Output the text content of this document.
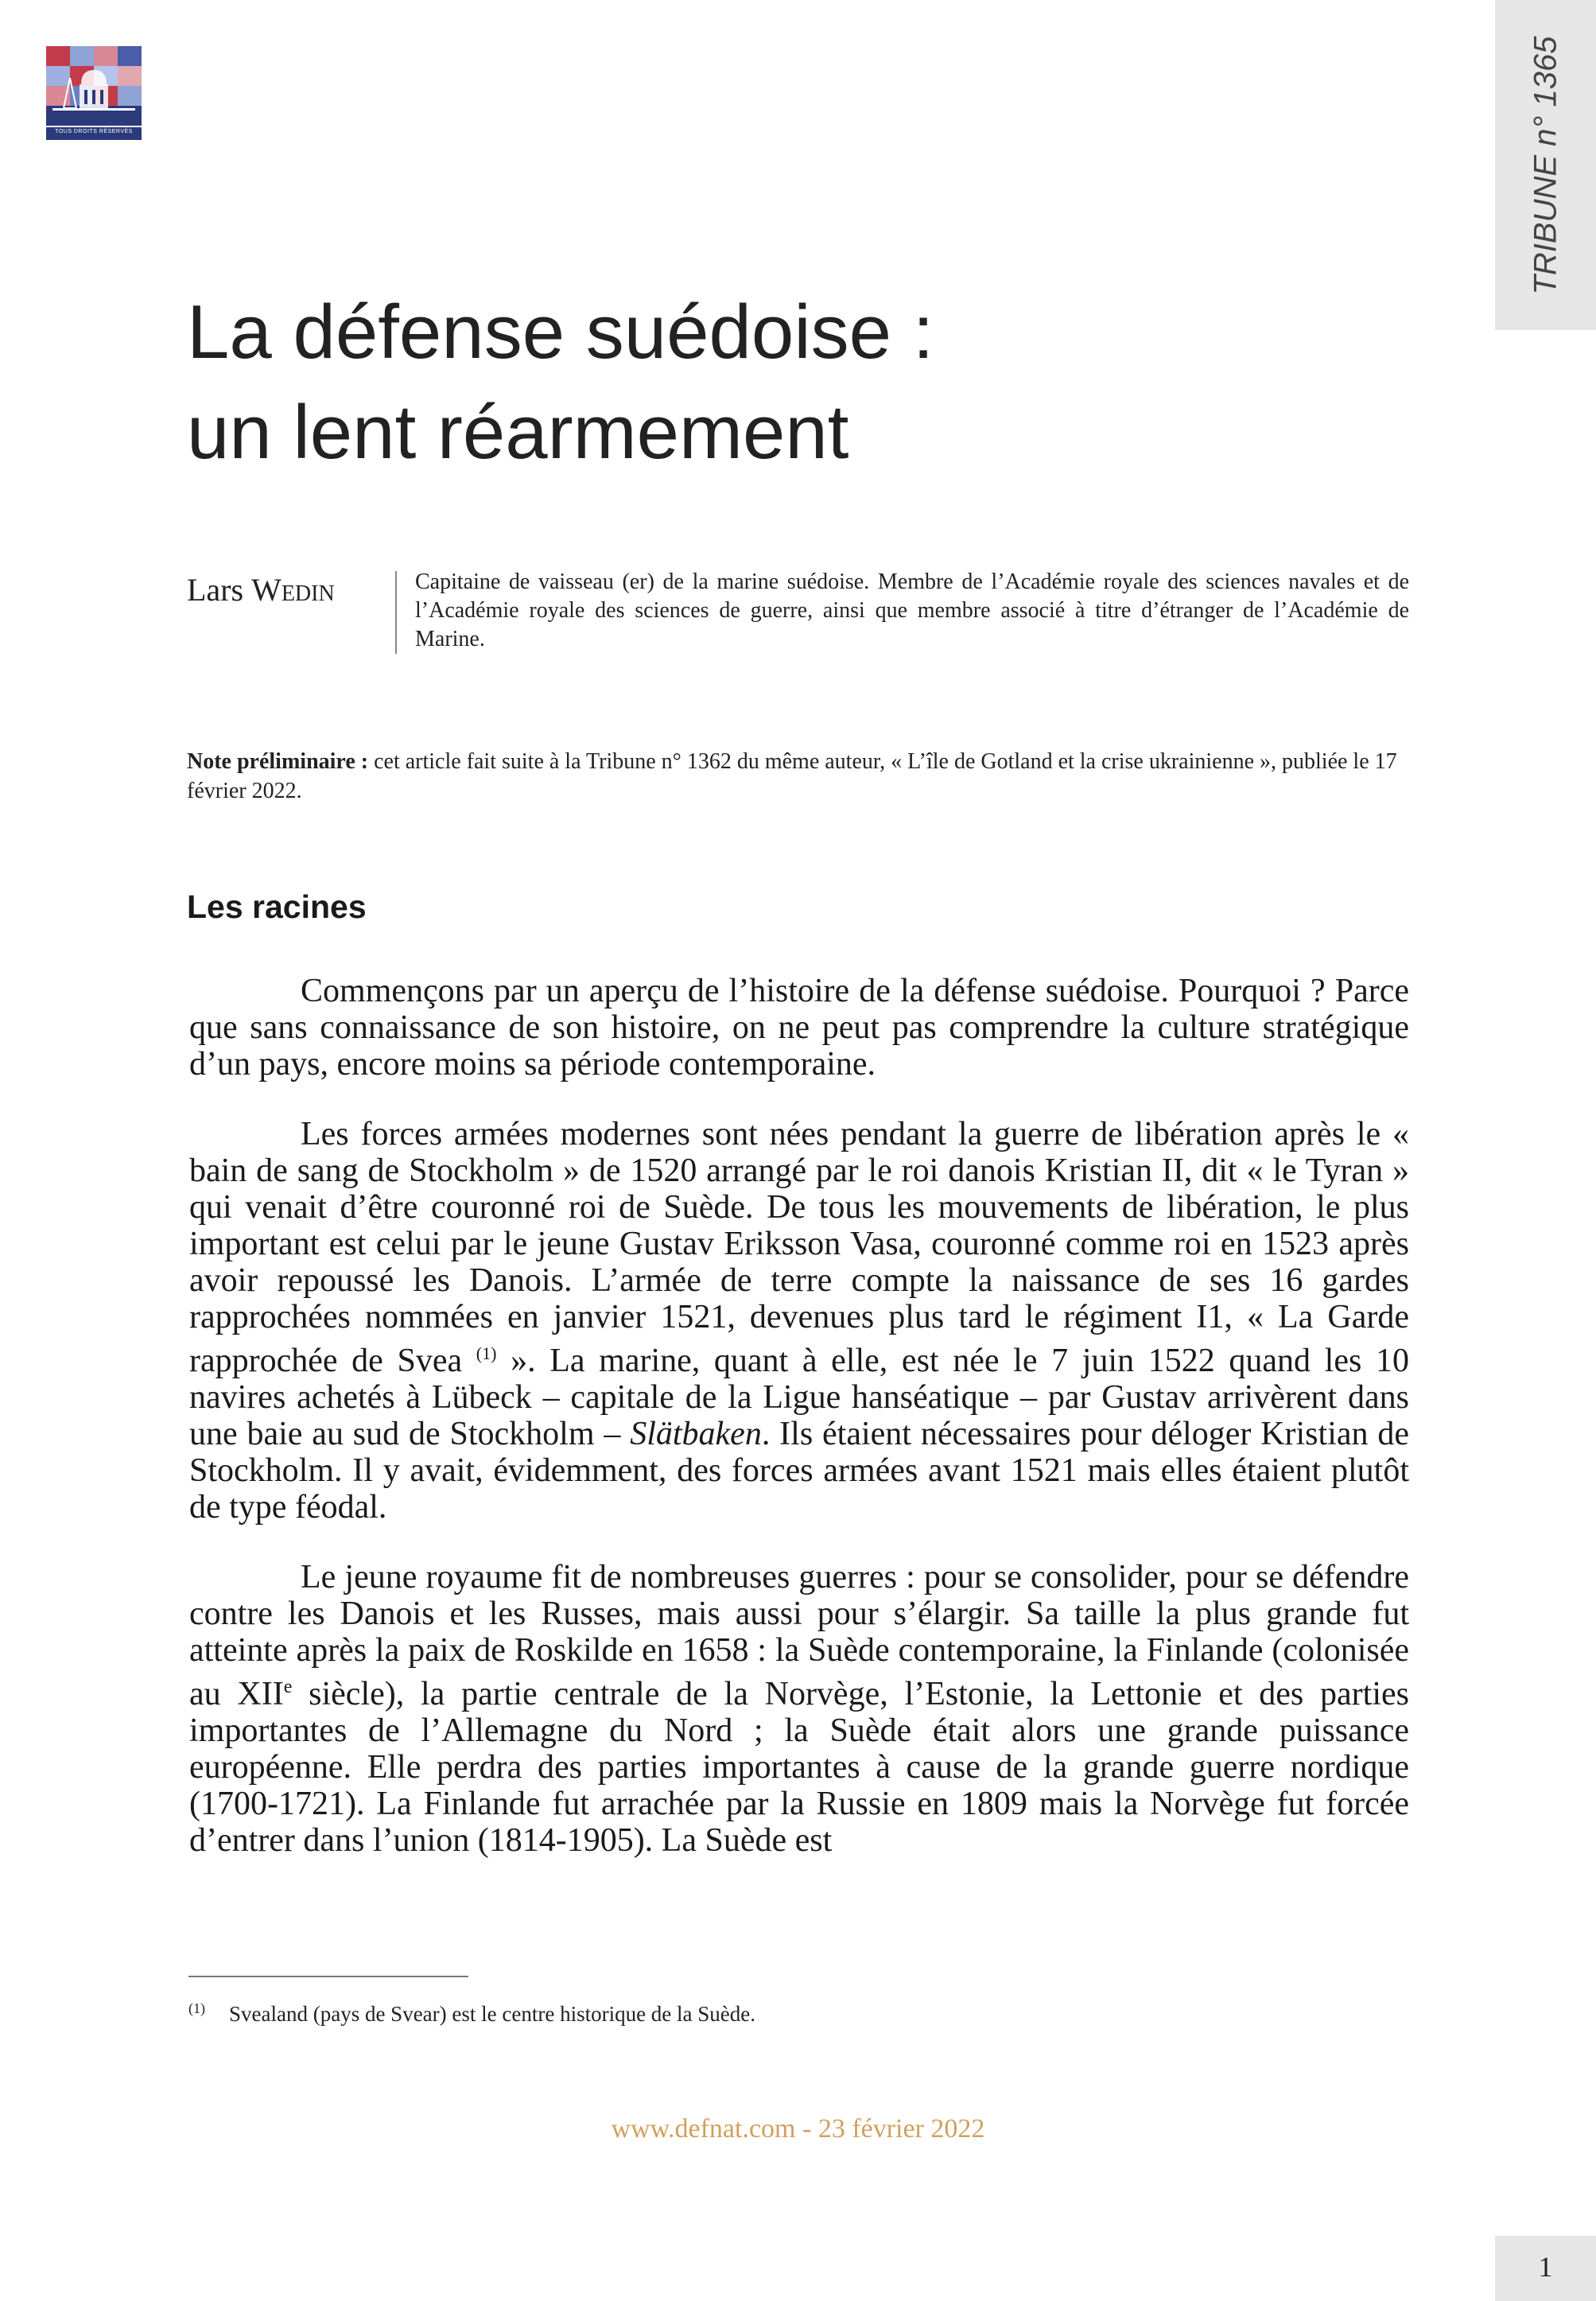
TOUS DROITS RÉSERVÉS	TRIBUNE n° 1365
La défense suédoise :
un lent réarmement
Lars Wedin	Capitaine de vaisseau (er) de la marine suédoise. Membre de l’Académie royale des sciences navales et de l’Académie royale des sciences de guerre, ainsi que membre associé à titre d’étranger de l’Académie de Marine.
Note préliminaire : cet article fait suite à la Tribune n° 1362 du même auteur, « L’île de Gotland et la crise ukrainienne », publiée le 17 février 2022.
Les racines

Commençons par un aperçu de l’histoire de la défense suédoise. Pourquoi ? Parce que sans connaissance de son histoire, on ne peut pas comprendre la culture stratégique d’un pays, encore moins sa période contemporaine.

Les forces armées modernes sont nées pendant la guerre de libération après le « bain de sang de Stockholm » de 1520 arrangé par le roi danois Kristian II, dit « le Tyran » qui venait d’être couronné roi de Suède. De tous les mouvements de libération, le plus important est celui par le jeune Gustav Eriksson Vasa, couronné comme roi en 1523 après avoir repoussé les Danois. L’armée de terre compte la naissance de ses 16 gardes rapprochées nommées en janvier 1521, devenues plus tard le régiment I1, « La Garde rapprochée de Svea $^{(1)}$ ». La marine, quant à elle, est née le 7 juin 1522 quand les 10 navires achetés à Lübeck – capitale de la Ligue hanséatique – par Gustav arrivèrent dans une baie au sud de Stockholm – Slätbaken. Ils étaient nécessaires pour déloger Kristian de Stockholm. Il y avait, évidemment, des forces armées avant 1521 mais elles étaient plutôt de type féodal.

Le jeune royaume fit de nombreuses guerres : pour se consolider, pour se défendre contre les Danois et les Russes, mais aussi pour s’élargir. Sa taille la plus grande fut atteinte après la paix de Roskilde en 1658 : la Suède contemporaine, la Finlande (colonisée au XIIe siècle), la partie centrale de la Norvège, l’Estonie, la Lettonie et des parties importantes de l’Allemagne du Nord ; la Suède était alors une grande puissance européenne. Elle perdra des parties importantes à cause de la grande guerre nordique (1700-1721). La Finlande fut arrachée par la Russie en 1809 mais la Norvège fut forcée d’entrer dans l’union (1814-1905). La Suède est

$^{(1)}$ Svealand (pays de Svear) est le centre historique de la Suède.
www.defnat.com - 23 février 2022
1
